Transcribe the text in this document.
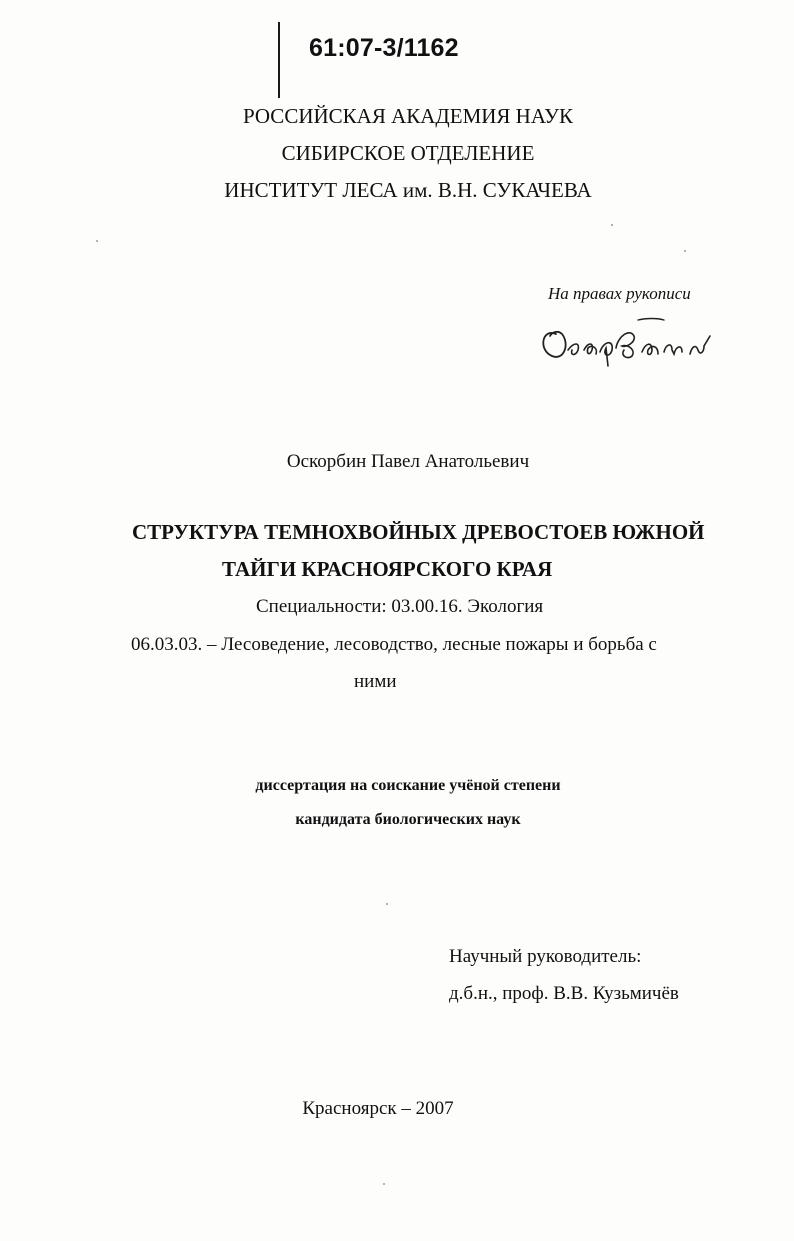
61:07-3/1162
РОССИЙСКАЯ АКАДЕМИЯ НАУК
СИБИРСКОЕ ОТДЕЛЕНИЕ
ИНСТИТУТ ЛЕСА им. В.Н. СУКАЧЕВА
На правах рукописи
Оскорбин Павел Анатольевич
СТРУКТУРА ТЕМНОХВОЙНЫХ ДРЕВОСТОЕВ ЮЖНОЙ
ТАЙГИ КРАСНОЯРСКОГО КРАЯ
Специальности: 03.00.16. Экология
06.03.03. – Лесоведение, лесоводство, лесные пожары и борьба с
ними
диссертация на соискание учёной степени
кандидата биологических наук
Научный руководитель:
д.б.н., проф. В.В. Кузьмичёв
Красноярск – 2007
